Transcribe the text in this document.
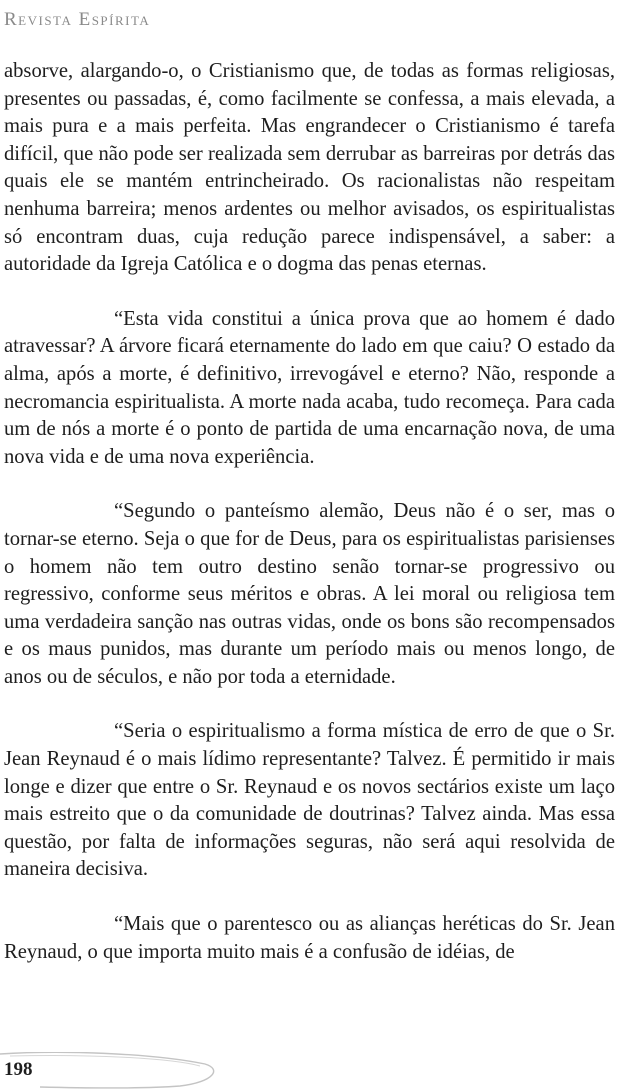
Revista Espírita

absorve, alargando-o, o Cristianismo que, de todas as formas religiosas, presentes ou passadas, é, como facilmente se confessa, a mais elevada, a mais pura e a mais perfeita. Mas engrandecer o Cristianismo é tarefa difícil, que não pode ser realizada sem derrubar as barreiras por detrás das quais ele se mantém entrincheirado. Os racionalistas não respeitam nenhuma barreira; menos ardentes ou melhor avisados, os espiritualistas só encontram duas, cuja redução parece indispensável, a saber: a autoridade da Igreja Católica e o dogma das penas eternas.

“Esta vida constitui a única prova que ao homem é dado atravessar? A árvore ficará eternamente do lado em que caiu? O estado da alma, após a morte, é definitivo, irrevogável e eterno? Não, responde a necromancia espiritualista. A morte nada acaba, tudo recomeça. Para cada um de nós a morte é o ponto de partida de uma encarnação nova, de uma nova vida e de uma nova experiência.

“Segundo o panteísmo alemão, Deus não é o ser, mas o tornar-se eterno. Seja o que for de Deus, para os espiritualistas parisienses o homem não tem outro destino senão tornar-se progressivo ou regressivo, conforme seus méritos e obras. A lei moral ou religiosa tem uma verdadeira sanção nas outras vidas, onde os bons são recompensados e os maus punidos, mas durante um período mais ou menos longo, de anos ou de séculos, e não por toda a eternidade.

“Seria o espiritualismo a forma mística de erro de que o Sr. Jean Reynaud é o mais lídimo representante? Talvez. É permitido ir mais longe e dizer que entre o Sr. Reynaud e os novos sectários existe um laço mais estreito que o da comunidade de doutrinas? Talvez ainda. Mas essa questão, por falta de informações seguras, não será aqui resolvida de maneira decisiva.

“Mais que o parentesco ou as alianças heréticas do Sr. Jean Reynaud, o que importa muito mais é a confusão de idéias, de

198
